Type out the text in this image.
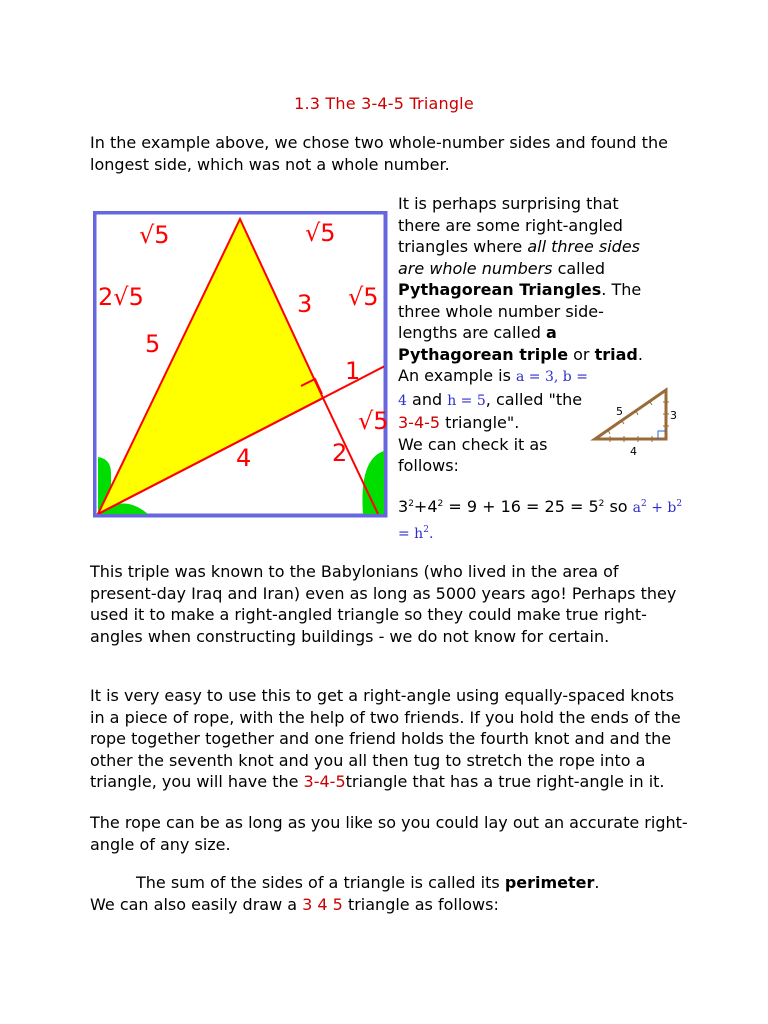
1.3 The 3-4-5 Triangle

In the example above, we chose two whole-number sides and found the longest side, which was not a whole number.

√5	√5
2√5	√5
5
3
1
√5
4	2

It is perhaps surprising that there are some right-angled triangles where all three sides are whole numbers called Pythagorean Triangles. The three whole number side-lengths are called a Pythagorean triple or triad.

An example is a = 3, b = 4 and h = 5, called "the 3-4-5 triangle".
We can check it as follows:

5	3
4
$3^2+4^2 = 9 + 16 = 25 = 5^2$ so $a^2 + b^2 = h^2$.

This triple was known to the Babylonians (who lived in the area of present-day Iraq and Iran) even as long as 5000 years ago! Perhaps they used it to make a right-angled triangle so they could make true right-angles when constructing buildings - we do not know for certain.

It is very easy to use this to get a right-angle using equally-spaced knots in a piece of rope, with the help of two friends. If you hold the ends of the rope together together and one friend holds the fourth knot and and the other the seventh knot and you all then tug to stretch the rope into a triangle, you will have the 3-4-5triangle that has a true right-angle in it.

The rope can be as long as you like so you could lay out an accurate right-angle of any size.

The sum of the sides of a triangle is called its perimeter.

We can also easily draw a 3 4 5 triangle as follows:
